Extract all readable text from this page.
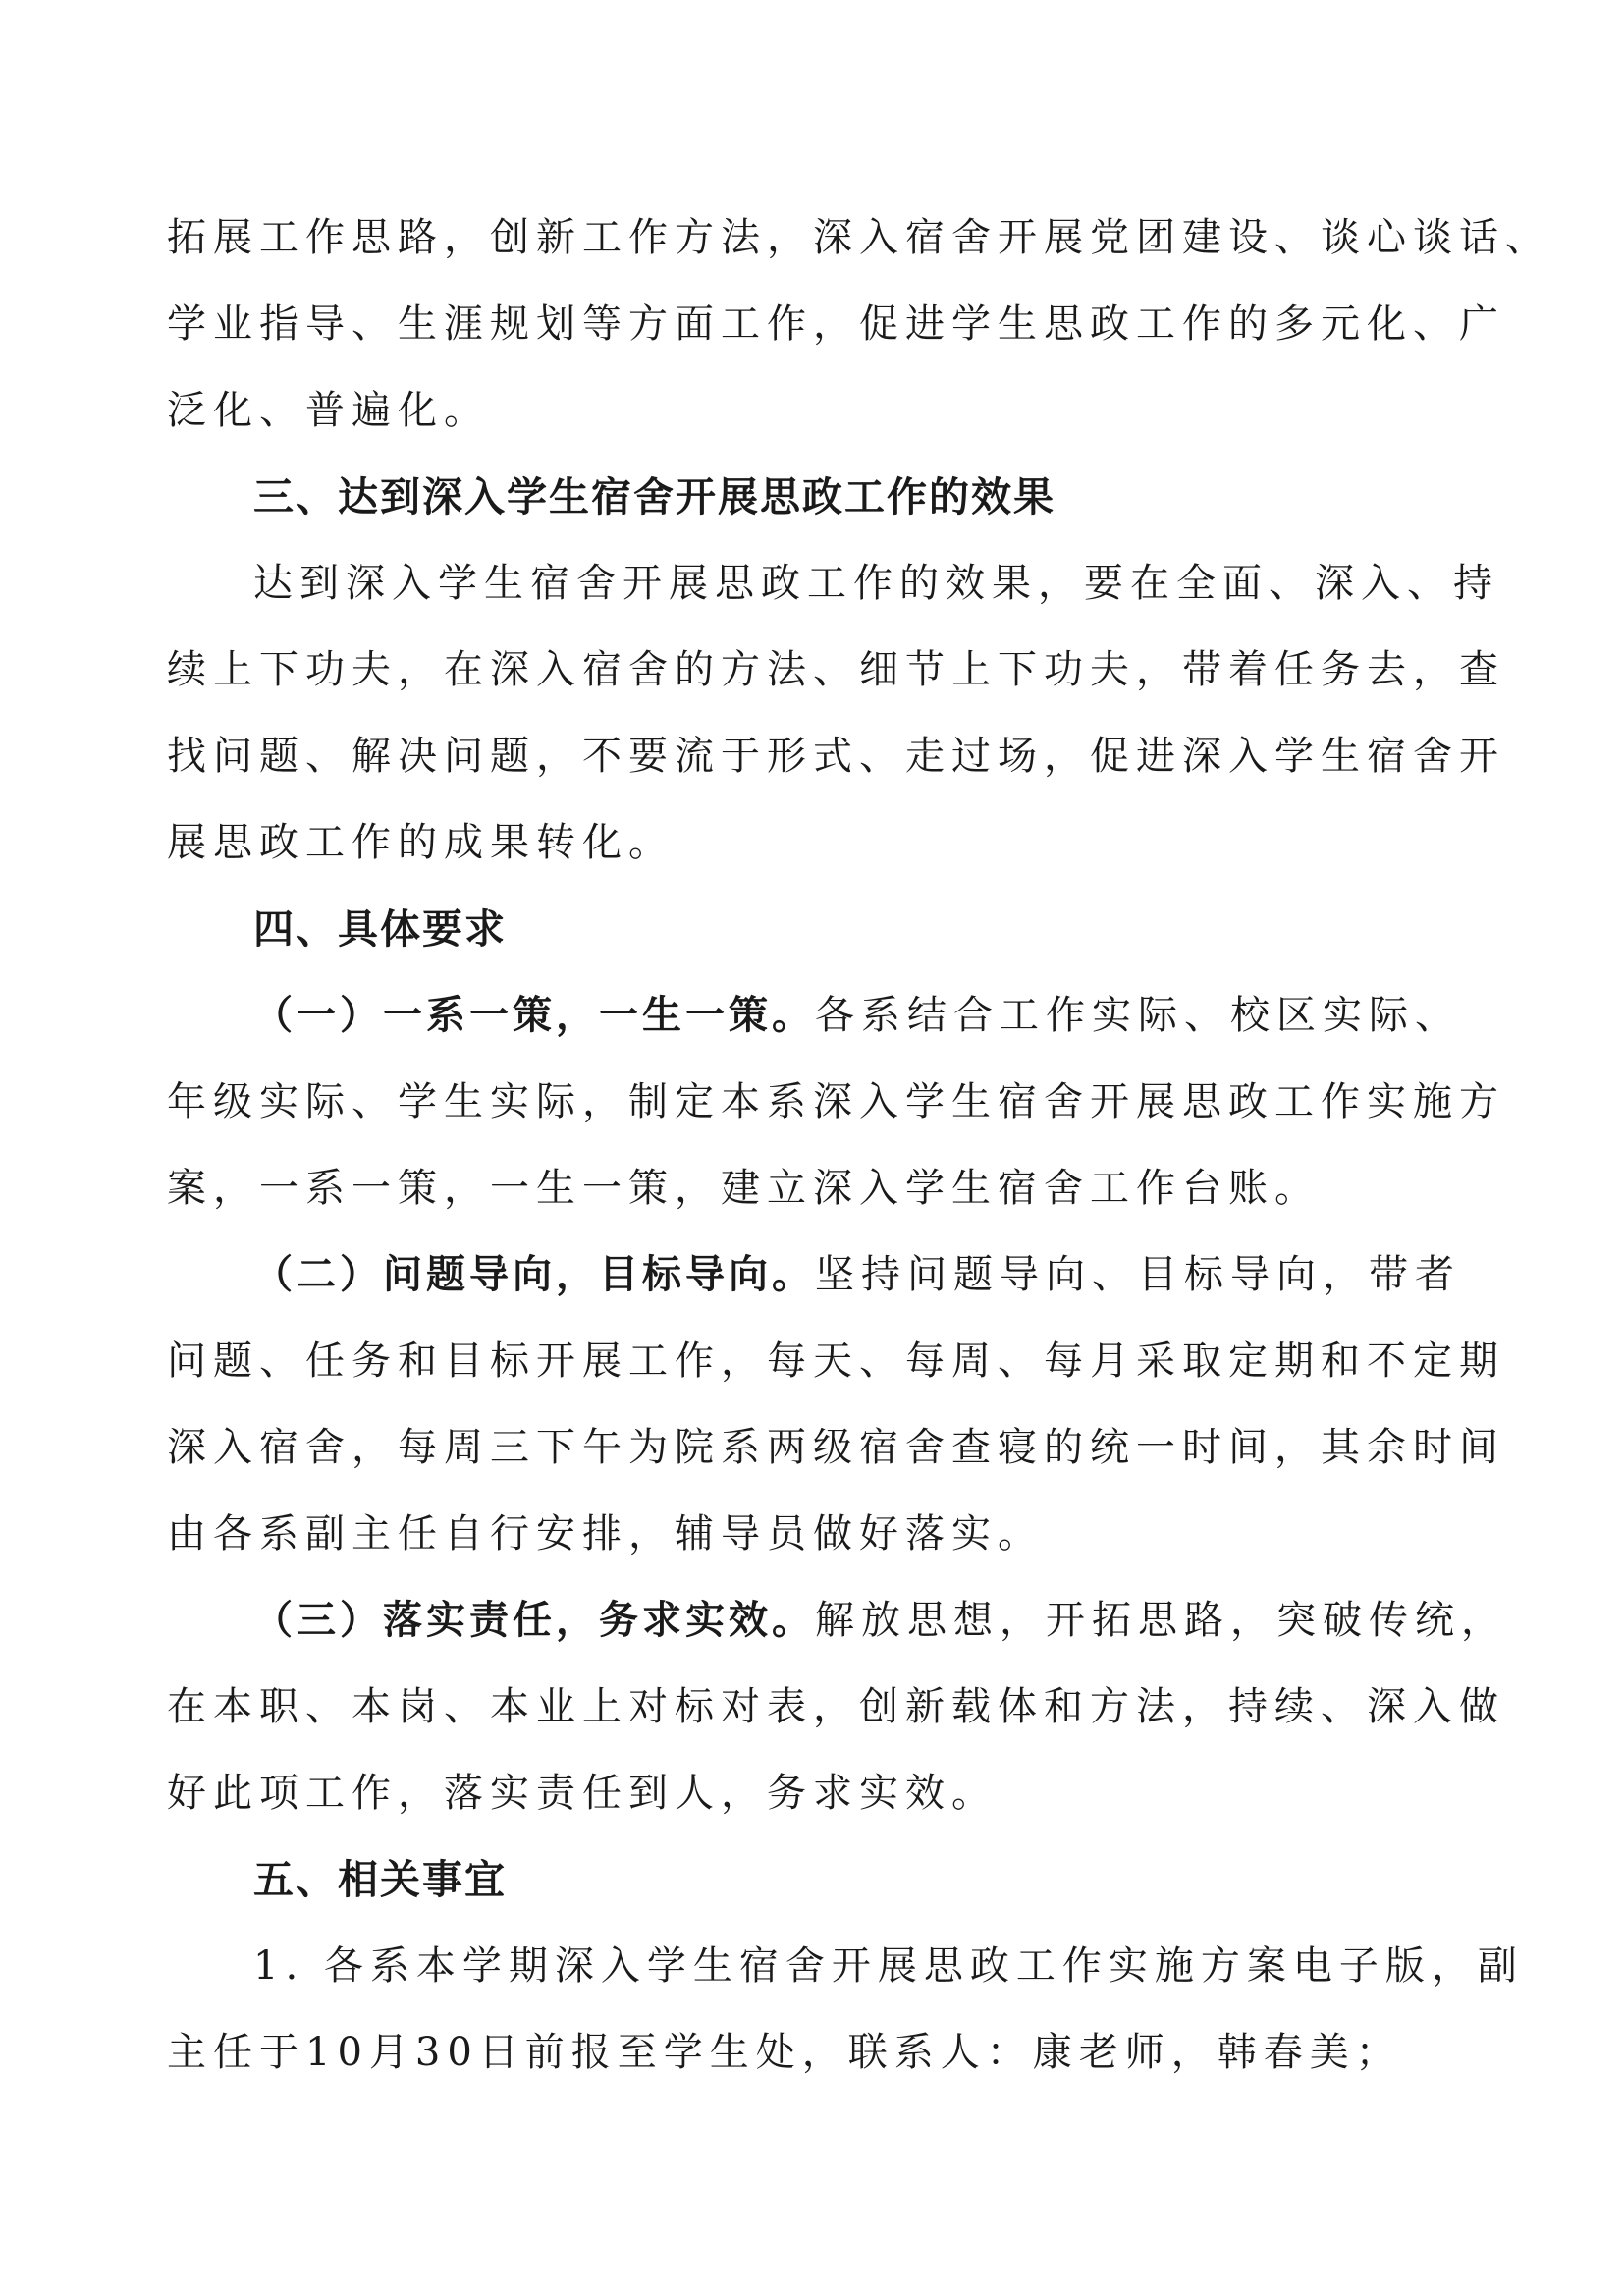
拓展工作思路，创新工作方法，深入宿舍开展党团建设、谈心谈话、
学业指导、生涯规划等方面工作，促进学生思政工作的多元化、广
泛化、普遍化。
三、达到深入学生宿舍开展思政工作的效果
达到深入学生宿舍开展思政工作的效果，要在全面、深入、持
续上下功夫，在深入宿舍的方法、细节上下功夫，带着任务去，查
找问题、解决问题，不要流于形式、走过场，促进深入学生宿舍开
展思政工作的成果转化。
四、具体要求
（一）一系一策，一生一策。各系结合工作实际、校区实际、
年级实际、学生实际，制定本系深入学生宿舍开展思政工作实施方
案，一系一策，一生一策，建立深入学生宿舍工作台账。
（二）问题导向，目标导向。坚持问题导向、目标导向，带者
问题、任务和目标开展工作，每天、每周、每月采取定期和不定期
深入宿舍，每周三下午为院系两级宿舍查寝的统一时间，其余时间
由各系副主任自行安排，辅导员做好落实。
（三）落实责任，务求实效。解放思想，开拓思路，突破传统，
在本职、本岗、本业上对标对表，创新载体和方法，持续、深入做
好此项工作，落实责任到人，务求实效。
五、相关事宜
1. 各系本学期深入学生宿舍开展思政工作实施方案电子版，副
主任于10月30日前报至学生处，联系人：康老师，韩春美；
